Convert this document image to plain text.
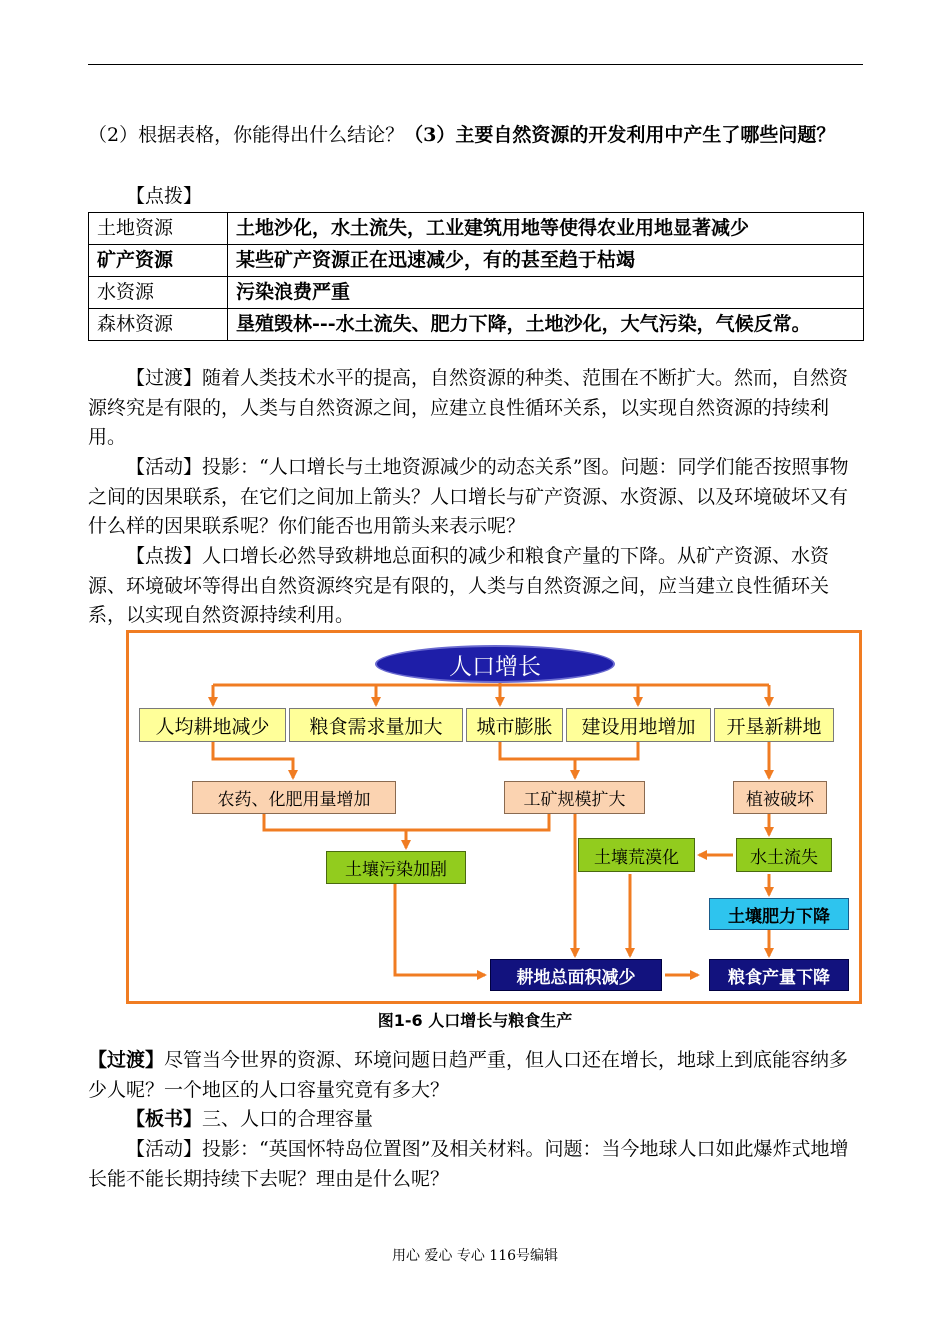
（2）根据表格，你能得出什么结论？（3）主要自然资源的开发利用中产生了哪些问题？

【点拨】

土地资源	土地沙化，水土流失，工业建筑用地等使得农业用地显著减少
矿产资源	某些矿产资源正在迅速减少，有的甚至趋于枯竭
水资源	污染浪费严重
森林资源	垦殖毁林---水土流失、肥力下降，土地沙化，大气污染，气候反常。

【过渡】随着人类技术水平的提高，自然资源的种类、范围在不断扩大。然而，自然资源终究是有限的，人类与自然资源之间，应建立良性循环关系，以实现自然资源的持续利用。

【活动】投影：“人口增长与土地资源减少的动态关系”图。问题：同学们能否按照事物之间的因果联系，在它们之间加上箭头？人口增长与矿产资源、水资源、以及环境破坏又有什么样的因果联系呢？你们能否也用箭头来表示呢？

【点拨】人口增长必然导致耕地总面积的减少和粮食产量的下降。从矿产资源、水资源、环境破坏等得出自然资源终究是有限的，人类与自然资源之间，应当建立良性循环关系，以实现自然资源持续利用。

人口增长
人均耕地减少	粮食需求量加大	城市膨胀	建设用地增加	开垦新耕地
农药、化肥用量增加	工矿规模扩大	植被破坏
土壤污染加剧
土壤荒漠化	水土流失
土壤肥力下降
耕地总面积减少	粮食产量下降
图1-6 人口增长与粮食生产

【过渡】尽管当今世界的资源、环境问题日趋严重，但人口还在增长，地球上到底能容纳多少人呢？一个地区的人口容量究竟有多大？

【板书】三、人口的合理容量

【活动】投影：“英国怀特岛位置图”及相关材料。问题：当今地球人口如此爆炸式地增长能不能长期持续下去呢？理由是什么呢？

用心 爱心 专心 116号编辑
